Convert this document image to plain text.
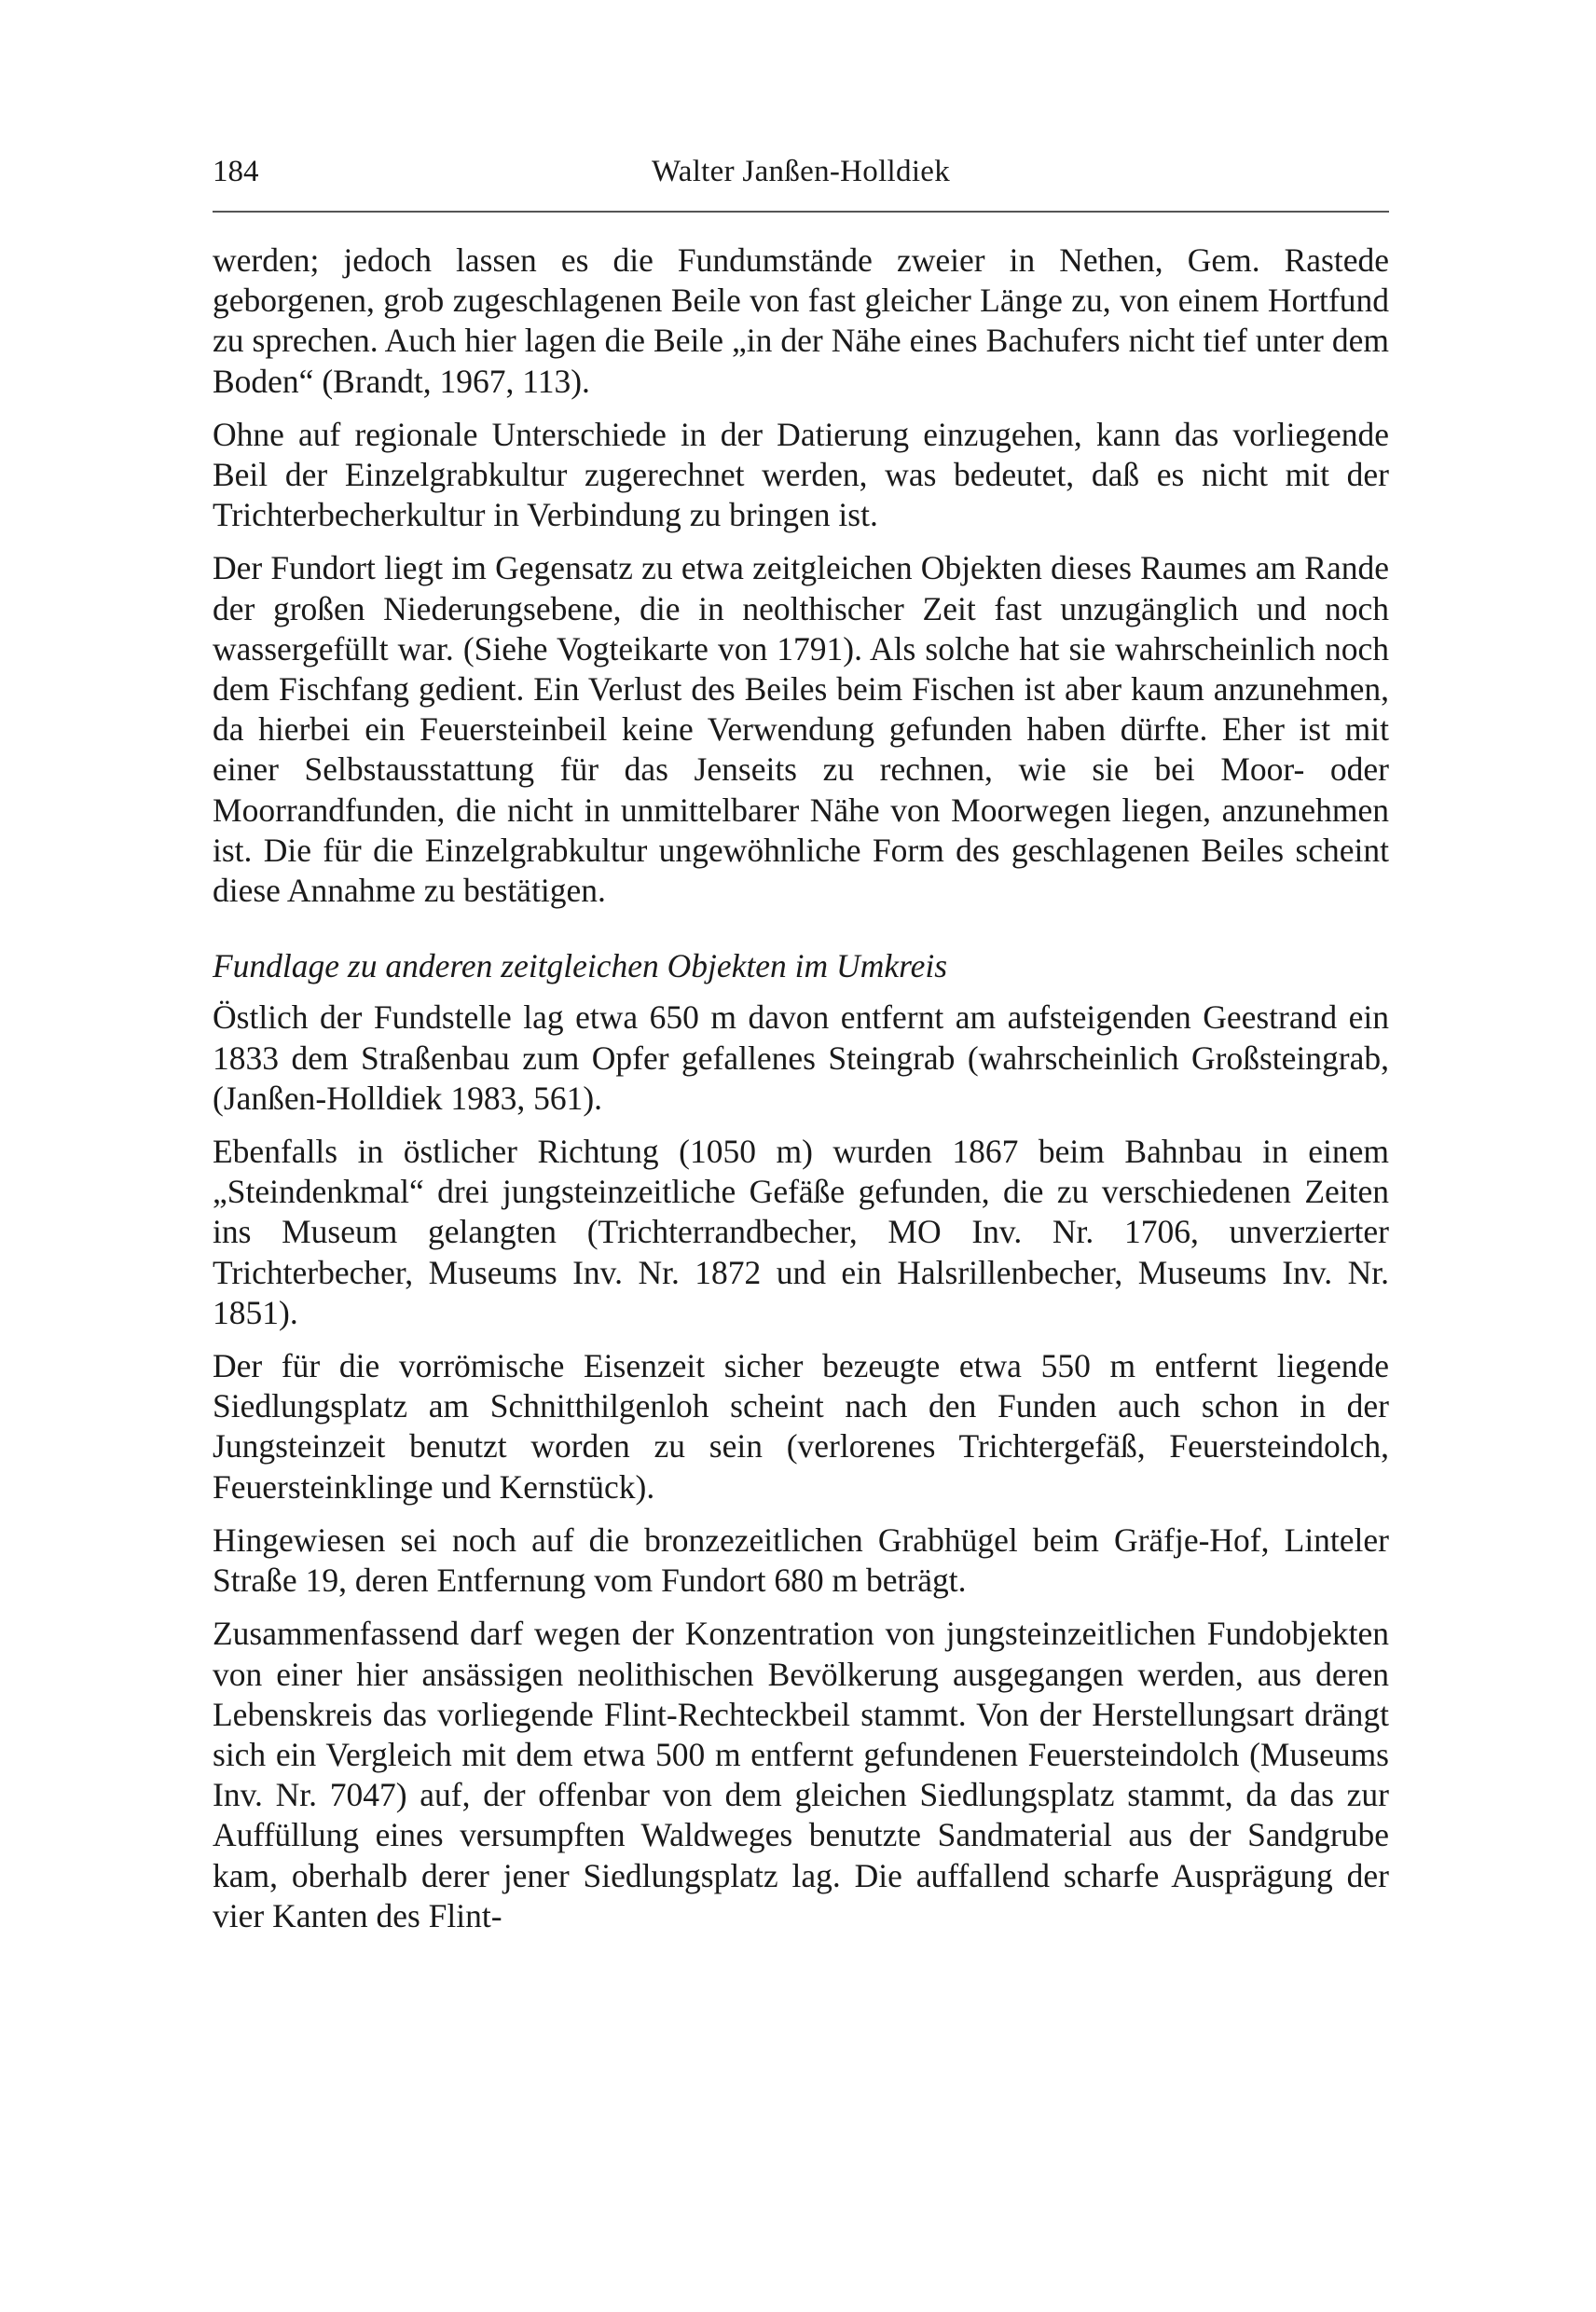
184	Walter Janßen-Holldiek

werden; jedoch lassen es die Fundumstände zweier in Nethen, Gem. Rastede geborgenen, grob zugeschlagenen Beile von fast gleicher Länge zu, von einem Hortfund zu sprechen. Auch hier lagen die Beile „in der Nähe eines Bachufers nicht tief unter dem Boden“ (Brandt, 1967, 113).

Ohne auf regionale Unterschiede in der Datierung einzugehen, kann das vorliegende Beil der Einzelgrabkultur zugerechnet werden, was bedeutet, daß es nicht mit der Trichterbecherkultur in Verbindung zu bringen ist.

Der Fundort liegt im Gegensatz zu etwa zeitgleichen Objekten dieses Raumes am Rande der großen Niederungsebene, die in neolthischer Zeit fast unzugänglich und noch wassergefüllt war. (Siehe Vogteikarte von 1791). Als solche hat sie wahrscheinlich noch dem Fischfang gedient. Ein Verlust des Beiles beim Fischen ist aber kaum anzunehmen, da hierbei ein Feuersteinbeil keine Verwendung gefunden haben dürfte. Eher ist mit einer Selbstausstattung für das Jenseits zu rechnen, wie sie bei Moor- oder Moorrandfunden, die nicht in unmittelbarer Nähe von Moorwegen liegen, anzunehmen ist. Die für die Einzelgrabkultur ungewöhnliche Form des geschlagenen Beiles scheint diese Annahme zu bestätigen.

Fundlage zu anderen zeitgleichen Objekten im Umkreis

Östlich der Fundstelle lag etwa 650 m davon entfernt am aufsteigenden Geestrand ein 1833 dem Straßenbau zum Opfer gefallenes Steingrab (wahrscheinlich Großsteingrab, (Janßen-Holldiek 1983, 561).

Ebenfalls in östlicher Richtung (1050 m) wurden 1867 beim Bahnbau in einem „Steindenkmal“ drei jungsteinzeitliche Gefäße gefunden, die zu verschiedenen Zeiten ins Museum gelangten (Trichterrandbecher, MO Inv. Nr. 1706, unverzierter Trichterbecher, Museums Inv. Nr. 1872 und ein Halsrillenbecher, Museums Inv. Nr. 1851).

Der für die vorrömische Eisenzeit sicher bezeugte etwa 550 m entfernt liegende Siedlungsplatz am Schnitthilgenloh scheint nach den Funden auch schon in der Jungsteinzeit benutzt worden zu sein (verlorenes Trichtergefäß, Feuersteindolch, Feuersteinklinge und Kernstück).

Hingewiesen sei noch auf die bronzezeitlichen Grabhügel beim Gräfje-Hof, Linteler Straße 19, deren Entfernung vom Fundort 680 m beträgt.

Zusammenfassend darf wegen der Konzentration von jungsteinzeitlichen Fundobjekten von einer hier ansässigen neolithischen Bevölkerung ausgegangen werden, aus deren Lebenskreis das vorliegende Flint-Rechteckbeil stammt. Von der Herstellungsart drängt sich ein Vergleich mit dem etwa 500 m entfernt gefundenen Feuersteindolch (Museums Inv. Nr. 7047) auf, der offenbar von dem gleichen Siedlungsplatz stammt, da das zur Auffüllung eines versumpften Waldweges benutzte Sandmaterial aus der Sandgrube kam, oberhalb derer jener Siedlungsplatz lag. Die auffallend scharfe Ausprägung der vier Kanten des Flint-
